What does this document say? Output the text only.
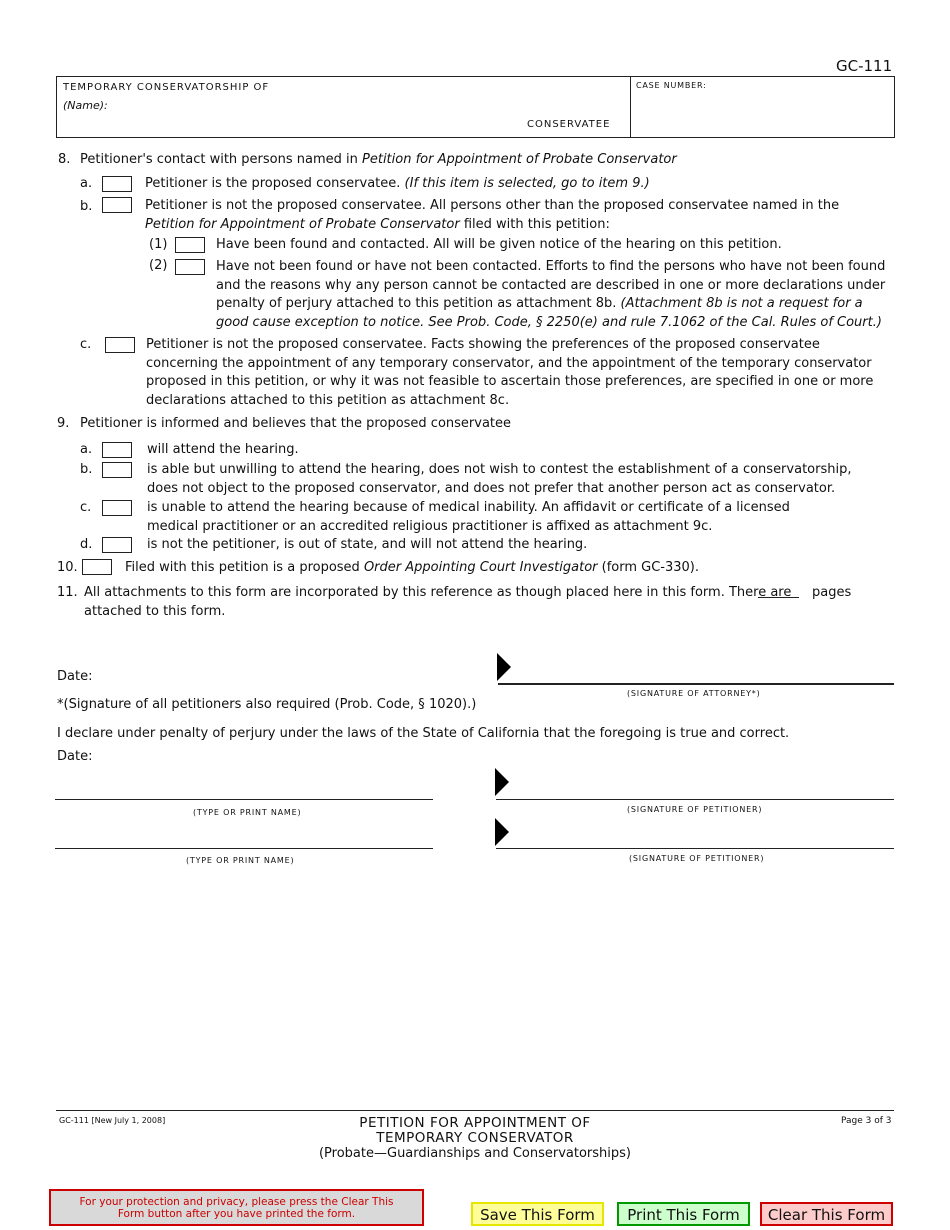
GC-111
TEMPORARY CONSERVATORSHIP OF
(Name):
CONSERVATEE
CASE NUMBER:
8. Petitioner's contact with persons named in Petition for Appointment of Probate Conservator
a.	Petitioner is the proposed conservatee. (If this item is selected, go to item 9.)
b.	Petitioner is not the proposed conservatee. All persons other than the proposed conservatee named in the Petition for Appointment of Probate Conservator filed with this petition:
(1)	Have been found and contacted. All will be given notice of the hearing on this petition.
(2)	Have not been found or have not been contacted. Efforts to find the persons who have not been found and the reasons why any person cannot be contacted are described in one or more declarations under penalty of perjury attached to this petition as attachment 8b. (Attachment 8b is not a request for a good cause exception to notice. See Prob. Code, § 2250(e) and rule 7.1062 of the Cal. Rules of Court.)
c.	Petitioner is not the proposed conservatee. Facts showing the preferences of the proposed conservatee concerning the appointment of any temporary conservator, and the appointment of the temporary conservator proposed in this petition, or why it was not feasible to ascertain those preferences, are specified in one or more declarations attached to this petition as attachment 8c.
9. Petitioner is informed and believes that the proposed conservatee
a.	will attend the hearing.
b.	is able but unwilling to attend the hearing, does not wish to contest the establishment of a conservatorship, does not object to the proposed conservator, and does not prefer that another person act as conservator.
c.	is unable to attend the hearing because of medical inability. An affidavit or certificate of a licensed medical practitioner or an accredited religious practitioner is affixed as attachment 9c.
d.	is not the petitioner, is out of state, and will not attend the hearing.
10.	Filed with this petition is a proposed Order Appointing Court Investigator (form GC-330).
11. All attachments to this form are incorporated by this reference as though placed here in this form. There are pages
attached to this form.
Date:
(SIGNATURE OF ATTORNEY*)
*(Signature of all petitioners also required (Prob. Code, § 1020).)
I declare under penalty of perjury under the laws of the State of California that the foregoing is true and correct.
Date:
(TYPE OR PRINT NAME)	(SIGNATURE OF PETITIONER)
(TYPE OR PRINT NAME)	(SIGNATURE OF PETITIONER)
GC-111 [New July 1, 2008]	Page 3 of 3
PETITION FOR APPOINTMENT OF
TEMPORARY CONSERVATOR
(Probate—Guardianships and Conservatorships)
For your protection and privacy, please press the Clear This Form button after you have printed the form.	Save This Form	Print This Form	Clear This Form
